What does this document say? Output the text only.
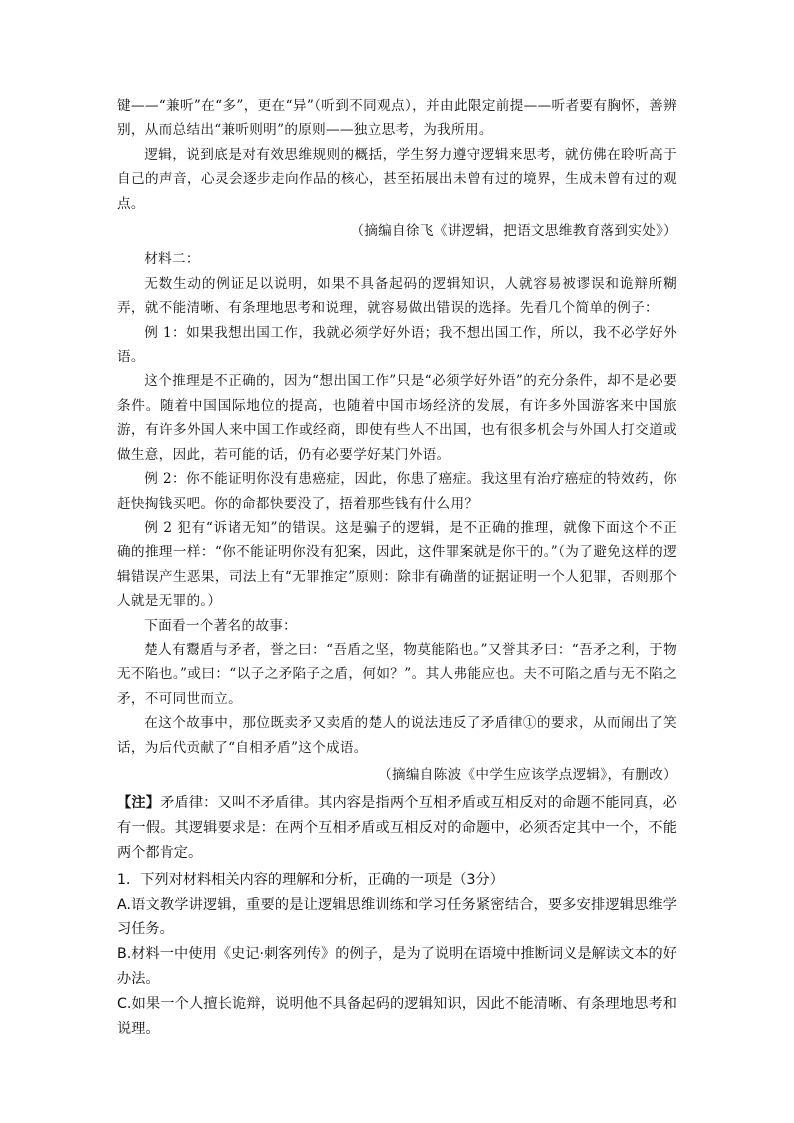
键——“兼听”在“多”，更在“异”（听到不同观点），并由此限定前提——听者要有胸怀，善辨别，从而总结出“兼听则明”的原则——独立思考，为我所用。

逻辑，说到底是对有效思维规则的概括，学生努力遵守逻辑来思考，就仿佛在聆听高于自己的声音，心灵会逐步走向作品的核心，甚至拓展出未曾有过的境界，生成未曾有过的观点。

（摘编自徐飞《讲逻辑，把语文思维教育落到实处》）

材料二：

无数生动的例证足以说明，如果不具备起码的逻辑知识，人就容易被谬误和诡辩所糊弄，就不能清晰、有条理地思考和说理，就容易做出错误的选择。先看几个简单的例子：

例 1：如果我想出国工作，我就必须学好外语；我不想出国工作，所以，我不必学好外语。

这个推理是不正确的，因为“想出国工作”只是“必须学好外语”的充分条件，却不是必要条件。随着中国国际地位的提高，也随着中国市场经济的发展，有许多外国游客来中国旅游，有许多外国人来中国工作或经商，即使有些人不出国，也有很多机会与外国人打交道或做生意，因此，若可能的话，仍有必要学好某门外语。

例 2：你不能证明你没有患癌症，因此，你患了癌症。我这里有治疗癌症的特效药，你赶快掏钱买吧。你的命都快要没了，捂着那些钱有什么用？

例 2 犯有“诉诸无知”的错误。这是骗子的逻辑，是不正确的推理，就像下面这个不正确的推理一样：“你不能证明你没有犯案，因此，这件罪案就是你干的。”（为了避免这样的逻辑错误产生恶果，司法上有“无罪推定”原则：除非有确凿的证据证明一个人犯罪，否则那个人就是无罪的。）

下面看一个著名的故事：

楚人有鬻盾与矛者，誉之曰：“吾盾之坚，物莫能陷也。”又誉其矛曰：“吾矛之利，于物无不陷也。”或曰：“以子之矛陷子之盾，何如？”。其人弗能应也。夫不可陷之盾与无不陷之矛，不可同世而立。

在这个故事中，那位既卖矛又卖盾的楚人的说法违反了矛盾律①的要求，从而闹出了笑话，为后代贡献了“自相矛盾”这个成语。

（摘编自陈波《中学生应该学点逻辑》，有删改）

【注】矛盾律：又叫不矛盾律。其内容是指两个互相矛盾或互相反对的命题不能同真，必有一假。其逻辑要求是：在两个互相矛盾或互相反对的命题中，必须否定其中一个，不能两个都肯定。

1．下列对材料相关内容的理解和分析，正确的一项是（3分）

A.语文教学讲逻辑，重要的是让逻辑思维训练和学习任务紧密结合，要多安排逻辑思维学习任务。

B.材料一中使用《史记·刺客列传》的例子，是为了说明在语境中推断词义是解读文本的好办法。

C.如果一个人擅长诡辩，说明他不具备起码的逻辑知识，因此不能清晰、有条理地思考和说理。
